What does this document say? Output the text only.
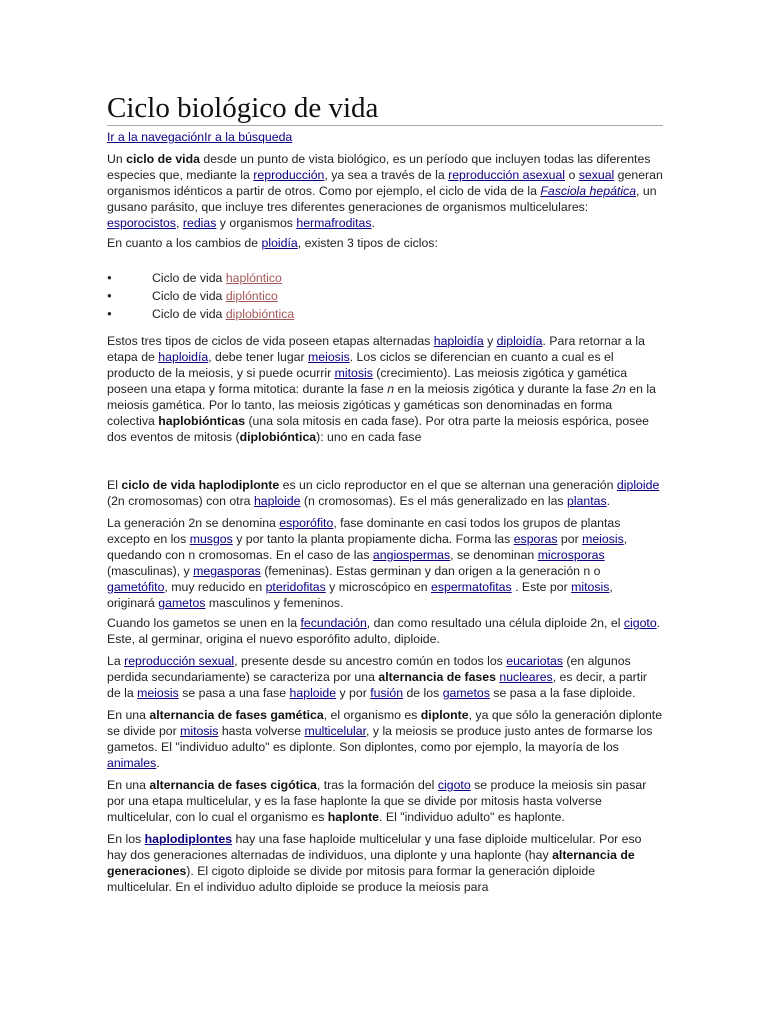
Ciclo biológico de vida
Ir a la navegaciónIr a la búsqueda

Un ciclo de vida desde un punto de vista biológico, es un período que incluyen todas las diferentes especies que, mediante la reproducción, ya sea a través de la reproducción asexual o sexual generan organismos idénticos a partir de otros. Como por ejemplo, el ciclo de vida de la Fasciola hepática, un gusano parásito, que incluye tres diferentes generaciones de organismos multicelulares: esporocistos, redias y organismos hermafroditas.

En cuanto a los cambios de ploidía, existen 3 tipos de ciclos:

● Ciclo de vida haplóntico
● Ciclo de vida diplóntico
● Ciclo de vida diplobióntica

Estos tres tipos de ciclos de vida poseen etapas alternadas haploidía y diploidía. Para retornar a la etapa de haploidía, debe tener lugar meiosis. Los ciclos se diferencian en cuanto a cual es el producto de la meiosis, y si puede ocurrir mitosis (crecimiento). Las meiosis zigótica y gamética poseen una etapa y forma mitotica: durante la fase n en la meiosis zigótica y durante la fase 2n en la meiosis gamética. Por lo tanto, las meiosis zigóticas y gaméticas son denominadas en forma colectiva haplobiónticas (una sola mitosis en cada fase). Por otra parte la meiosis espórica, posee dos eventos de mitosis (diplobióntica): uno en cada fase

El ciclo de vida haplodiplonte es un ciclo reproductor en el que se alternan una generación diploide (2n cromosomas) con otra haploide (n cromosomas). Es el más generalizado en las plantas.

La generación 2n se denomina esporófito, fase dominante en casi todos los grupos de plantas excepto en los musgos y por tanto la planta propiamente dicha. Forma las esporas por meiosis, quedando con n cromosomas. En el caso de las angiospermas, se denominan microsporas (masculinas), y megasporas (femeninas). Estas germinan y dan origen a la generación n o gametófito, muy reducido en pteridofitas y microscópico en espermatofitas . Este por mitosis, originará gametos masculinos y femeninos.

Cuando los gametos se unen en la fecundación, dan como resultado una célula diploide 2n, el cigoto. Este, al germinar, origina el nuevo esporófito adulto, diploide.

La reproducción sexual, presente desde su ancestro común en todos los eucariotas (en algunos perdida secundariamente) se caracteriza por una alternancia de fases nucleares, es decir, a partir de la meiosis se pasa a una fase haploide y por fusión de los gametos se pasa a la fase diploide.

En una alternancia de fases gamética, el organismo es diplonte, ya que sólo la generación diplonte se divide por mitosis hasta volverse multicelular, y la meiosis se produce justo antes de formarse los gametos. El "individuo adulto" es diplonte. Son diplontes, como por ejemplo, la mayoría de los animales.

En una alternancia de fases cigótica, tras la formación del cigoto se produce la meiosis sin pasar por una etapa multicelular, y es la fase haplonte la que se divide por mitosis hasta volverse multicelular, con lo cual el organismo es haplonte. El "individuo adulto" es haplonte.

En los haplodiplontes hay una fase haploide multicelular y una fase diploide multicelular. Por eso hay dos generaciones alternadas de individuos, una diplonte y una haplonte (hay alternancia de generaciones). El cigoto diploide se divide por mitosis para formar la generación diploide multicelular. En el individuo adulto diploide se produce la meiosis para
